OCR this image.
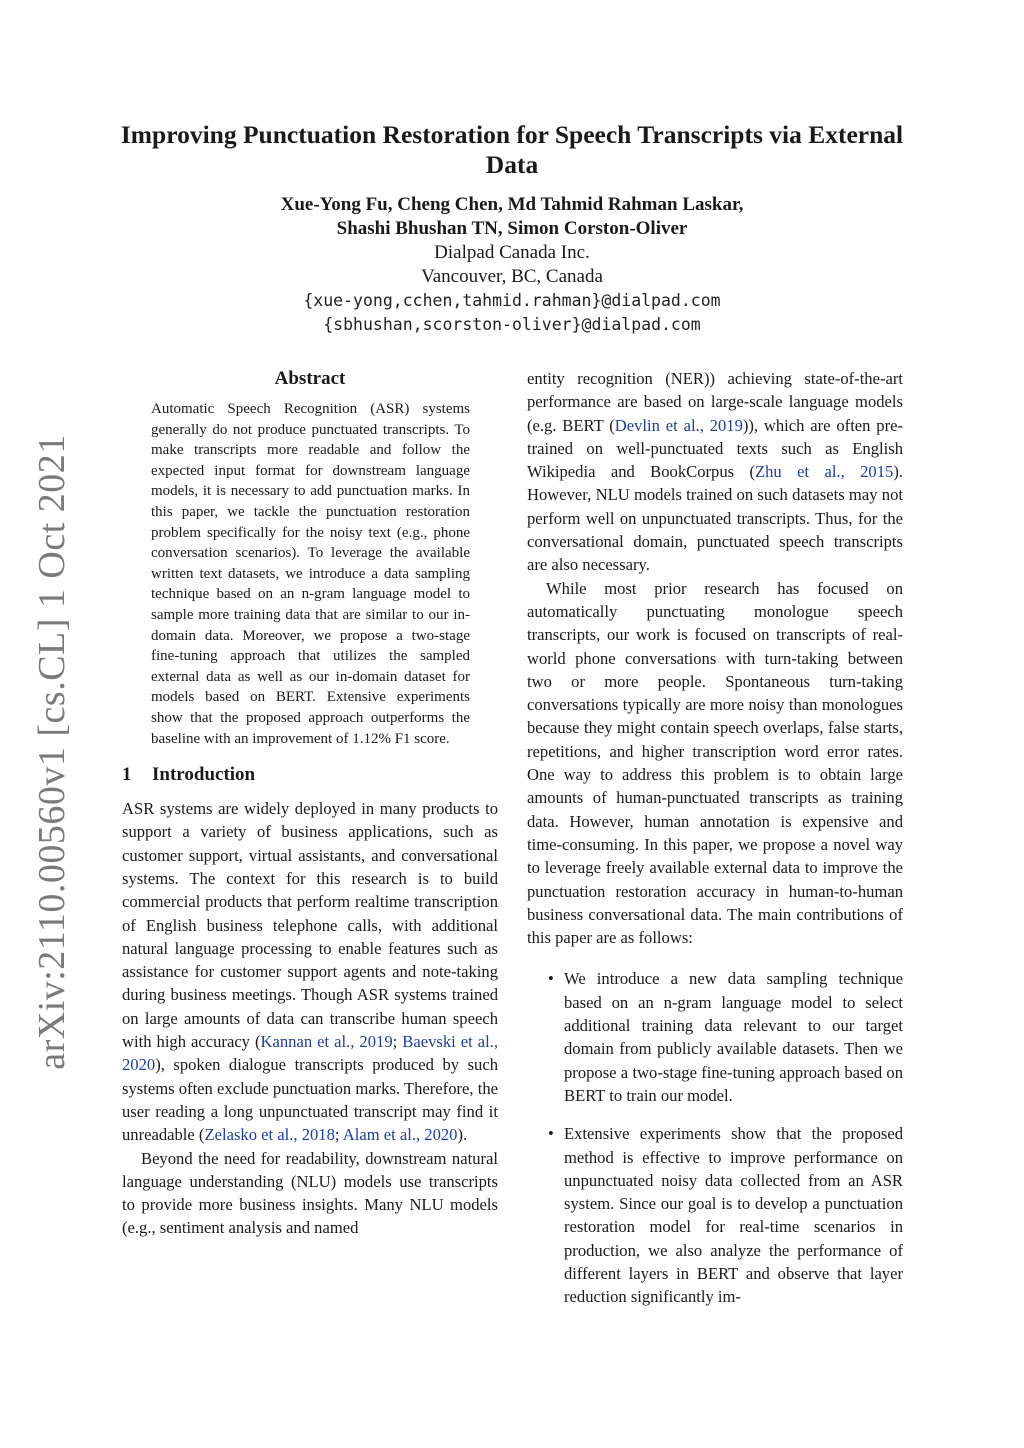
arXiv:2110.00560v1 [cs.CL] 1 Oct 2021
Improving Punctuation Restoration for Speech Transcripts via External Data
Xue-Yong Fu, Cheng Chen, Md Tahmid Rahman Laskar,
Shashi Bhushan TN, Simon Corston-Oliver
Dialpad Canada Inc.
Vancouver, BC, Canada
{xue-yong,cchen,tahmid.rahman}@dialpad.com
{sbhushan,scorston-oliver}@dialpad.com
Abstract
Automatic Speech Recognition (ASR) systems generally do not produce punctuated transcripts. To make transcripts more readable and follow the expected input format for downstream language models, it is necessary to add punctuation marks. In this paper, we tackle the punctuation restoration problem specifically for the noisy text (e.g., phone conversation scenarios). To leverage the available written text datasets, we introduce a data sampling technique based on an n-gram language model to sample more training data that are similar to our in-domain data. Moreover, we propose a two-stage fine-tuning approach that utilizes the sampled external data as well as our in-domain dataset for models based on BERT. Extensive experiments show that the proposed approach outperforms the baseline with an improvement of 1.12% F1 score.
1 Introduction

ASR systems are widely deployed in many products to support a variety of business applications, such as customer support, virtual assistants, and conversational systems. The context for this research is to build commercial products that perform realtime transcription of English business telephone calls, with additional natural language processing to enable features such as assistance for customer support agents and note-taking during business meetings. Though ASR systems trained on large amounts of data can transcribe human speech with high accuracy (Kannan et al., 2019; Baevski et al., 2020), spoken dialogue transcripts produced by such systems often exclude punctuation marks. Therefore, the user reading a long unpunctuated transcript may find it unreadable (Zelasko et al., 2018; Alam et al., 2020).

Beyond the need for readability, downstream natural language understanding (NLU) models use transcripts to provide more business insights. Many NLU models (e.g., sentiment analysis and named

entity recognition (NER)) achieving state-of-the-art performance are based on large-scale language models (e.g. BERT (Devlin et al., 2019)), which are often pre-trained on well-punctuated texts such as English Wikipedia and BookCorpus (Zhu et al., 2015). However, NLU models trained on such datasets may not perform well on unpunctuated transcripts. Thus, for the conversational domain, punctuated speech transcripts are also necessary.

While most prior research has focused on automatically punctuating monologue speech transcripts, our work is focused on transcripts of real-world phone conversations with turn-taking between two or more people. Spontaneous turn-taking conversations typically are more noisy than monologues because they might contain speech overlaps, false starts, repetitions, and higher transcription word error rates. One way to address this problem is to obtain large amounts of human-punctuated transcripts as training data. However, human annotation is expensive and time-consuming. In this paper, we propose a novel way to leverage freely available external data to improve the punctuation restoration accuracy in human-to-human business conversational data. The main contributions of this paper are as follows:

• We introduce a new data sampling technique based on an n-gram language model to select additional training data relevant to our target domain from publicly available datasets. Then we propose a two-stage fine-tuning approach based on BERT to train our model.
• Extensive experiments show that the proposed method is effective to improve performance on unpunctuated noisy data collected from an ASR system. Since our goal is to develop a punctuation restoration model for real-time scenarios in production, we also analyze the performance of different layers in BERT and observe that layer reduction significantly im-
